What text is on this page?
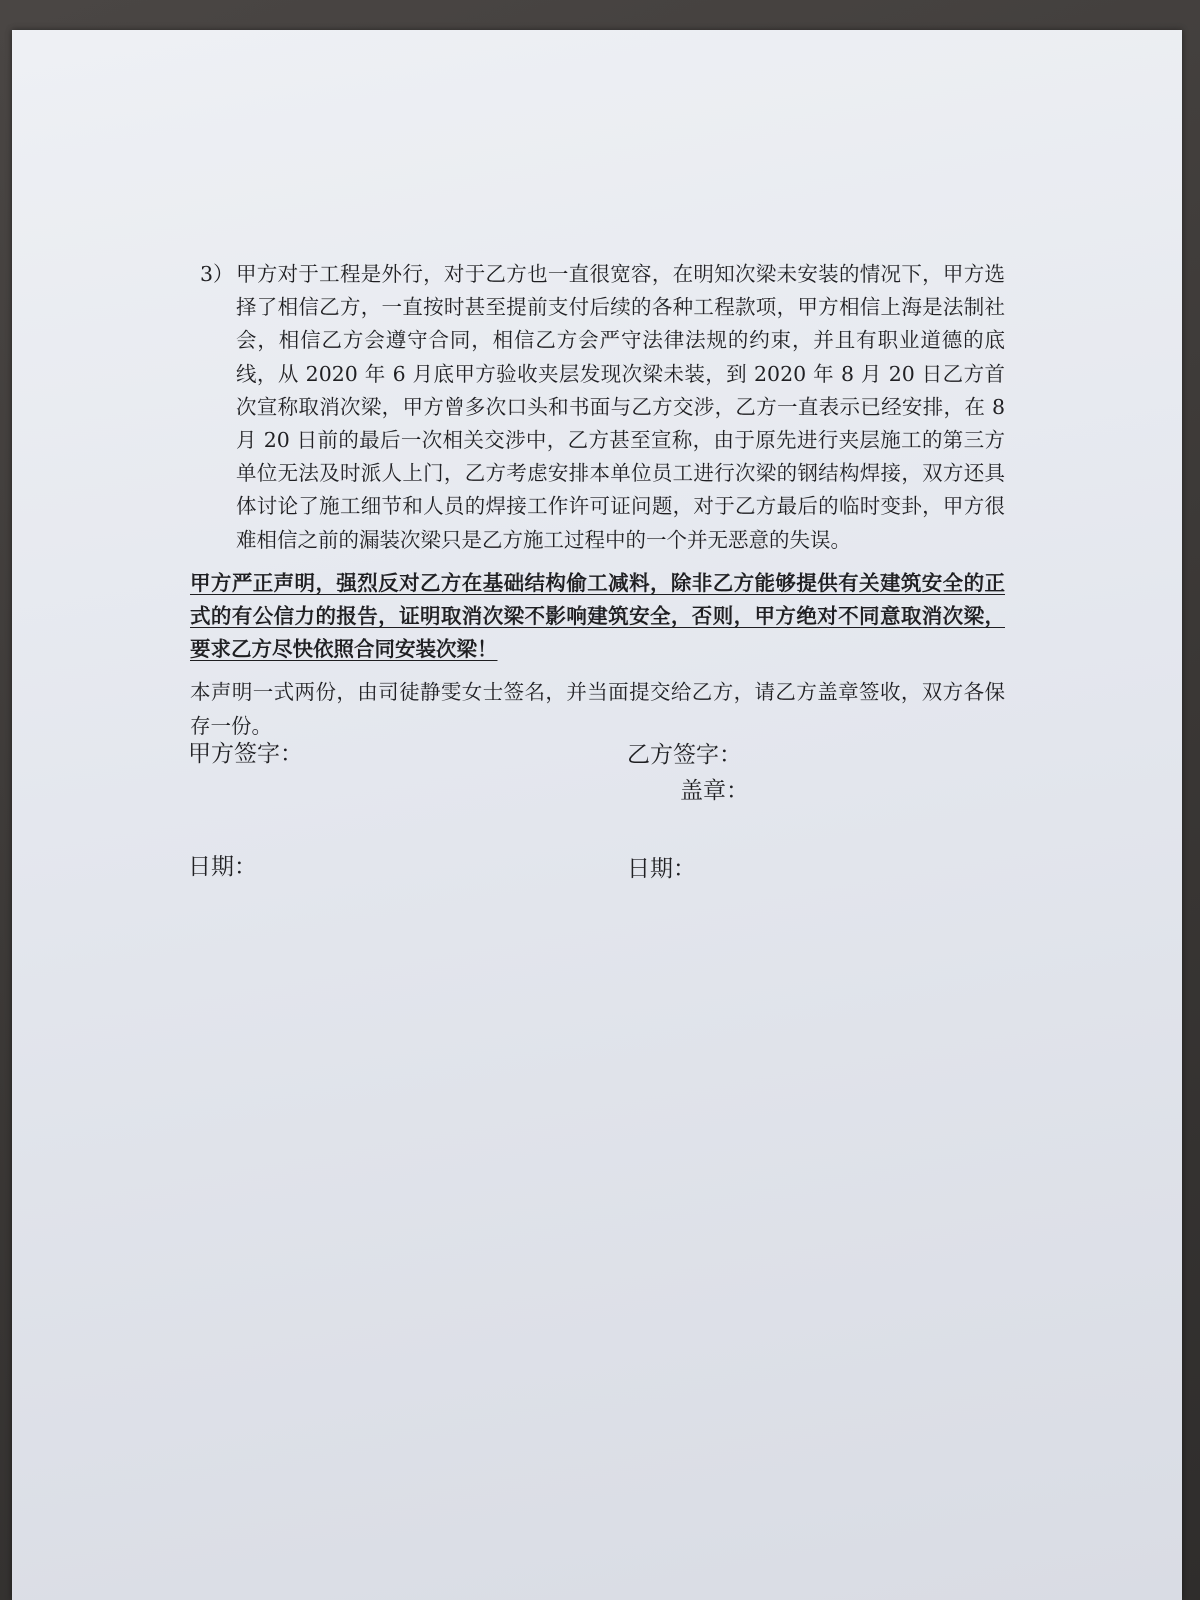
3） 甲方对于工程是外行，对于乙方也一直很宽容，在明知次梁未安装的情况下，甲方选择了相信乙方，一直按时甚至提前支付后续的各种工程款项，甲方相信上海是法制社会，相信乙方会遵守合同，相信乙方会严守法律法规的约束，并且有职业道德的底线，从 2020 年 6 月底甲方验收夹层发现次梁未装，到 2020 年 8 月 20 日乙方首次宣称取消次梁，甲方曾多次口头和书面与乙方交涉，乙方一直表示已经安排，在 8 月 20 日前的最后一次相关交涉中，乙方甚至宣称，由于原先进行夹层施工的第三方单位无法及时派人上门，乙方考虑安排本单位员工进行次梁的钢结构焊接，双方还具体讨论了施工细节和人员的焊接工作许可证问题，对于乙方最后的临时变卦，甲方很难相信之前的漏装次梁只是乙方施工过程中的一个并无恶意的失误。
甲方严正声明，强烈反对乙方在基础结构偷工减料，除非乙方能够提供有关建筑安全的正式的有公信力的报告，证明取消次梁不影响建筑安全，否则，甲方绝对不同意取消次梁，要求乙方尽快依照合同安装次梁！
本声明一式两份，由司徒静雯女士签名，并当面提交给乙方，请乙方盖章签收，双方各保存一份。
甲方签字：	乙方签字：
盖章：
日期：	日期：
